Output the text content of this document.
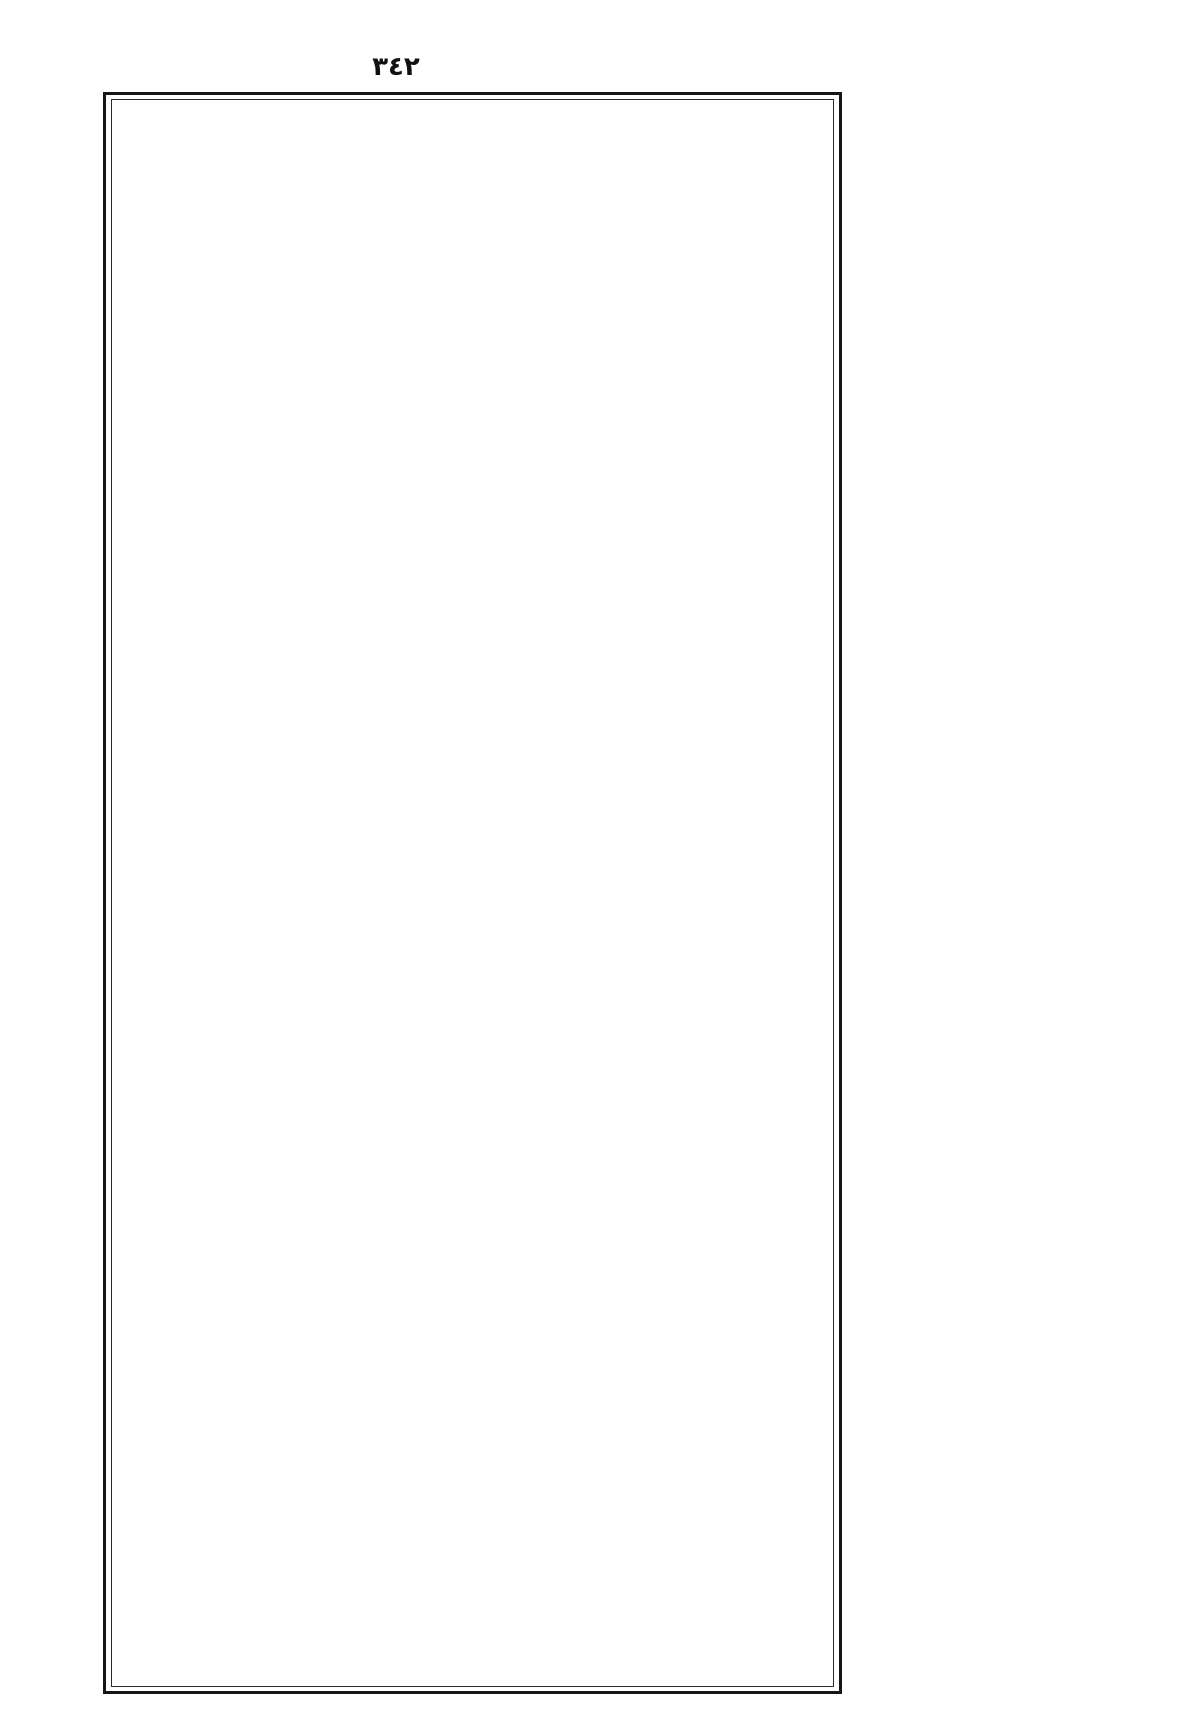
٣٤٢
